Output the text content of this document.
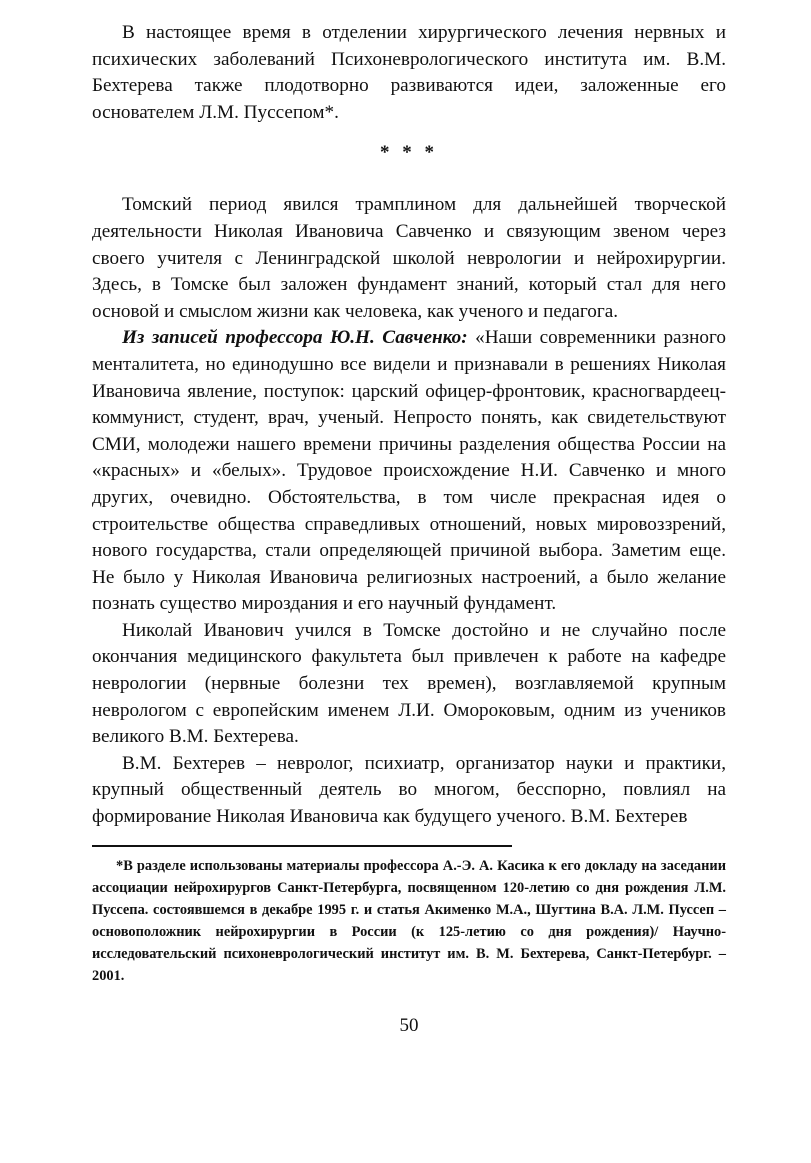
В настоящее время в отделении хирургического лечения нервных и психических заболеваний Психоневрологического института им. В.М. Бехтерева также плодотворно развиваются идеи, заложенные его основателем Л.М. Пуссепом*.

* * *

Томский период явился трамплином для дальнейшей творческой деятельности Николая Ивановича Савченко и связующим звеном через своего учителя с Ленинградской школой неврологии и нейрохирургии. Здесь, в Томске был заложен фундамент знаний, который стал для него основой и смыслом жизни как человека, как ученого и педагога.

Из записей профессора Ю.Н. Савченко: «Наши современники разного менталитета, но единодушно все видели и признавали в решениях Николая Ивановича явление, поступок: царский офицер-фронтовик, красногвардеец- коммунист, студент, врач, ученый. Непросто понять, как свидетельствуют СМИ, молодежи нашего времени причины разделения общества России на «красных» и «белых». Трудовое происхождение Н.И. Савченко и много других, очевидно. Обстоятельства, в том числе прекрасная идея о строительстве общества справедливых отношений, новых мировоззрений, нового государства, стали определяющей причиной выбора. Заметим еще. Не было у Николая Ивановича религиозных настроений, а было желание познать существо мироздания и его научный фундамент.

Николай Иванович учился в Томске достойно и не случайно после окончания медицинского факультета был привлечен к работе на кафедре неврологии (нервные болезни тех времен), возглавляемой крупным неврологом с европейским именем Л.И. Омороковым, одним из учеников великого В.М. Бехтерева.

В.М. Бехтерев – невролог, психиатр, организатор науки и практики, крупный общественный деятель во многом, бесспорно, повлиял на формирование Николая Ивановича как будущего ученого. В.М. Бехтерев

*В разделе использованы материалы профессора А.-Э. А. Касика к его докладу на заседании ассоциации нейрохирургов Санкт-Петербурга, посвященном 120-летию со дня рождения Л.М. Пуссепа. состоявшемся в декабре 1995 г. и статья Акименко М.А., Шугтина В.А. Л.М. Пуссеп – основоположник нейрохирургии в России (к 125-летию со дня рождения)/ Научно-исследовательский психоневрологический институт им. В. М. Бехтерева, Санкт-Петербург. – 2001.

50
